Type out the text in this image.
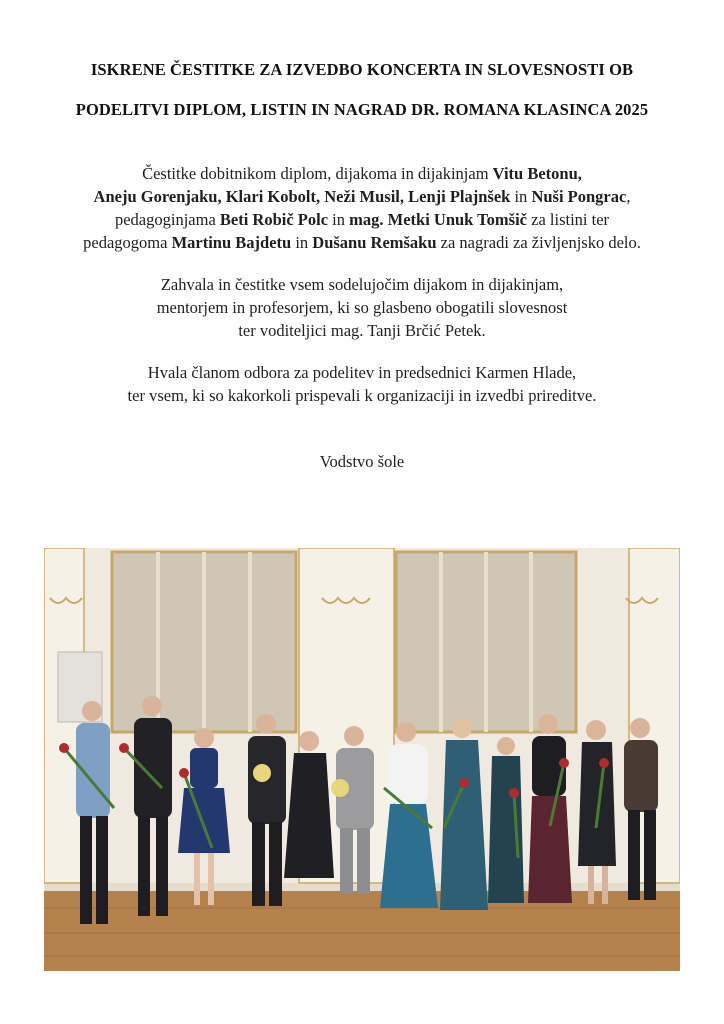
ISKRENE ČESTITKE ZA IZVEDBO KONCERTA IN SLOVESNOSTI OB
PODELITVI DIPLOM, LISTIN IN NAGRAD DR. ROMANA KLASINCA 2025
Čestitke dobitnikom diplom, dijakoma in dijakinjam Vitu Betonu,
Aneju Gorenjaku, Klari Kobolt, Neži Musil, Lenji Plajnšek in Nuši Pongrac,
pedagoginjama Beti Robič Polc in mag. Metki Unuk Tomšič za listini ter
pedagogoma Martinu Bajdetu in Dušanu Remšaku za nagradi za življenjsko delo.
Zahvala in čestitke vsem sodelujočim dijakom in dijakinjam,
mentorjem in profesorjem, ki so glasbeno obogatili slovesnost
ter voditeljici mag. Tanji Brčić Petek.
Hvala članom odbora za podelitev in predsednici Karmen Hlade,
ter vsem, ki so kakorkoli prispevali k organizaciji in izvedbi prireditve.
Vodstvo šole
